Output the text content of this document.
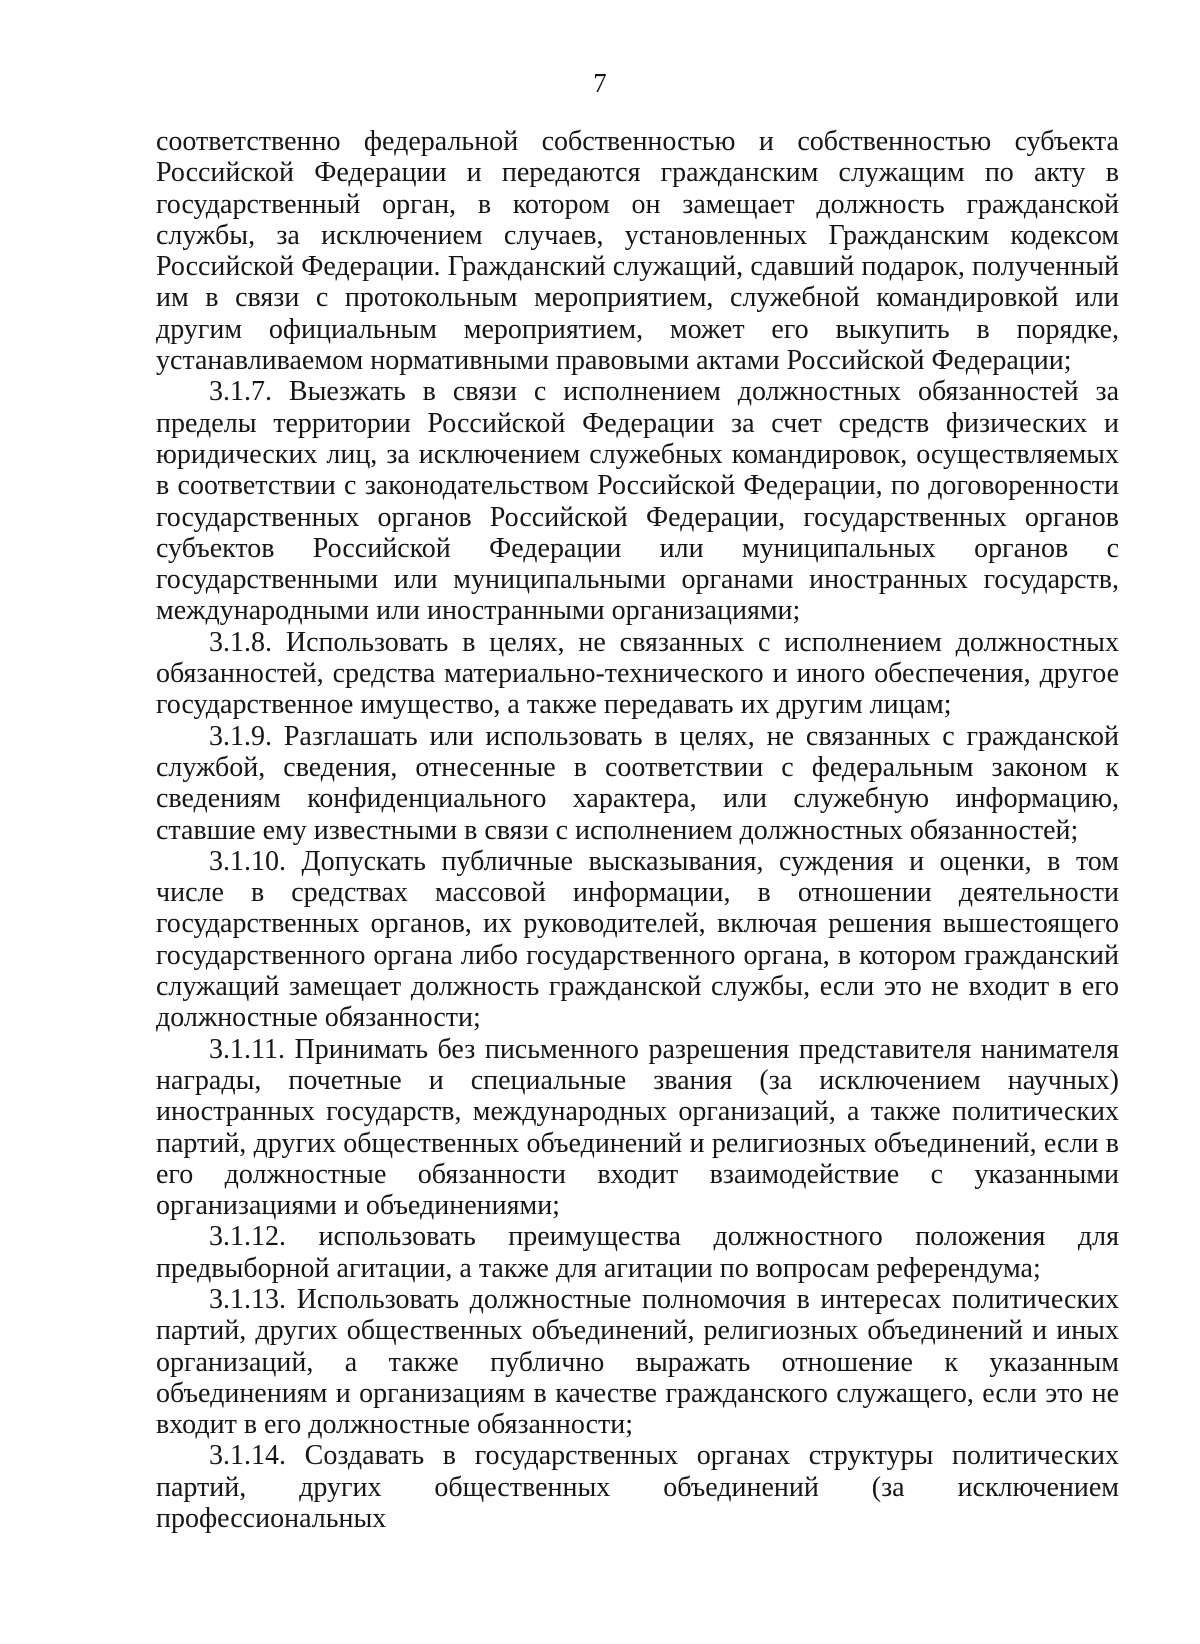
7

соответственно федеральной собственностью и собственностью субъекта Российской Федерации и передаются гражданским служащим по акту в государственный орган, в котором он замещает должность гражданской службы, за исключением случаев, установленных Гражданским кодексом Российской Федерации. Гражданский служащий, сдавший подарок, полученный им в связи с протокольным мероприятием, служебной командировкой или другим официальным мероприятием, может его выкупить в порядке, устанавливаемом нормативными правовыми актами Российской Федерации;

3.1.7. Выезжать в связи с исполнением должностных обязанностей за пределы территории Российской Федерации за счет средств физических и юридических лиц, за исключением служебных командировок, осуществляемых в соответствии с законодательством Российской Федерации, по договоренности государственных органов Российской Федерации, государственных органов субъектов Российской Федерации или муниципальных органов с государственными или муниципальными органами иностранных государств, международными или иностранными организациями;

3.1.8. Использовать в целях, не связанных с исполнением должностных обязанностей, средства материально-технического и иного обеспечения, другое государственное имущество, а также передавать их другим лицам;

3.1.9. Разглашать или использовать в целях, не связанных с гражданской службой, сведения, отнесенные в соответствии с федеральным законом к сведениям конфиденциального характера, или служебную информацию, ставшие ему известными в связи с исполнением должностных обязанностей;

3.1.10. Допускать публичные высказывания, суждения и оценки, в том числе в средствах массовой информации, в отношении деятельности государственных органов, их руководителей, включая решения вышестоящего государственного органа либо государственного органа, в котором гражданский служащий замещает должность гражданской службы, если это не входит в его должностные обязанности;

3.1.11. Принимать без письменного разрешения представителя нанимателя награды, почетные и специальные звания (за исключением научных) иностранных государств, международных организаций, а также политических партий, других общественных объединений и религиозных объединений, если в его должностные обязанности входит взаимодействие с указанными организациями и объединениями;

3.1.12. использовать преимущества должностного положения для предвыборной агитации, а также для агитации по вопросам референдума;

3.1.13. Использовать должностные полномочия в интересах политических партий, других общественных объединений, религиозных объединений и иных организаций, а также публично выражать отношение к указанным объединениям и организациям в качестве гражданского служащего, если это не входит в его должностные обязанности;

3.1.14. Создавать в государственных органах структуры политических партий, других общественных объединений (за исключением профессиональных
